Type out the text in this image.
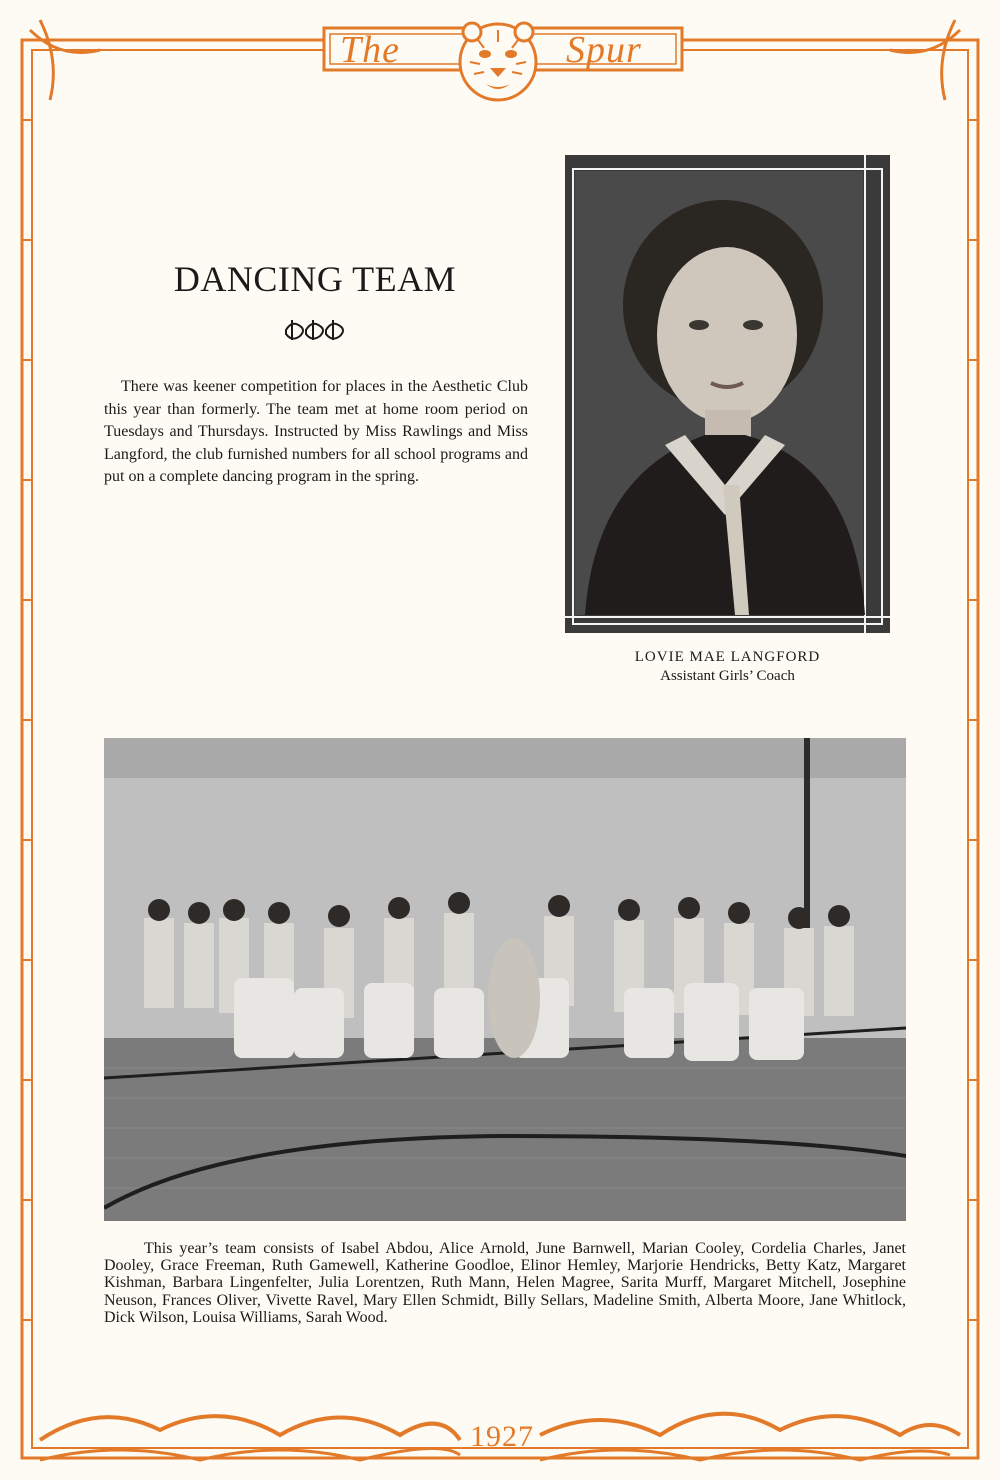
The	Spur
DANCING TEAM

There was keener competition for places in the Aesthetic Club this year than formerly. The team met at home room period on Tuesdays and Thursdays. Instructed by Miss Rawlings and Miss Langford, the club furnished numbers for all school programs and put on a complete dancing program in the spring.

LOVIE MAE LANGFORD
Assistant Girls’ Coach

This year’s team consists of Isabel Abdou, Alice Arnold, June Barnwell, Marian Cooley, Cordelia Charles, Janet Dooley, Grace Freeman, Ruth Gamewell, Katherine Goodloe, Elinor Hemley, Marjorie Hendricks, Betty Katz, Margaret Kishman, Barbara Lingenfelter, Julia Lorentzen, Ruth Mann, Helen Magree, Sarita Murff, Margaret Mitchell, Josephine Neuson, Frances Oliver, Vivette Ravel, Mary Ellen Schmidt, Billy Sellars, Madeline Smith, Alberta Moore, Jane Whitlock, Dick Wilson, Louisa Williams, Sarah Wood.

1927
